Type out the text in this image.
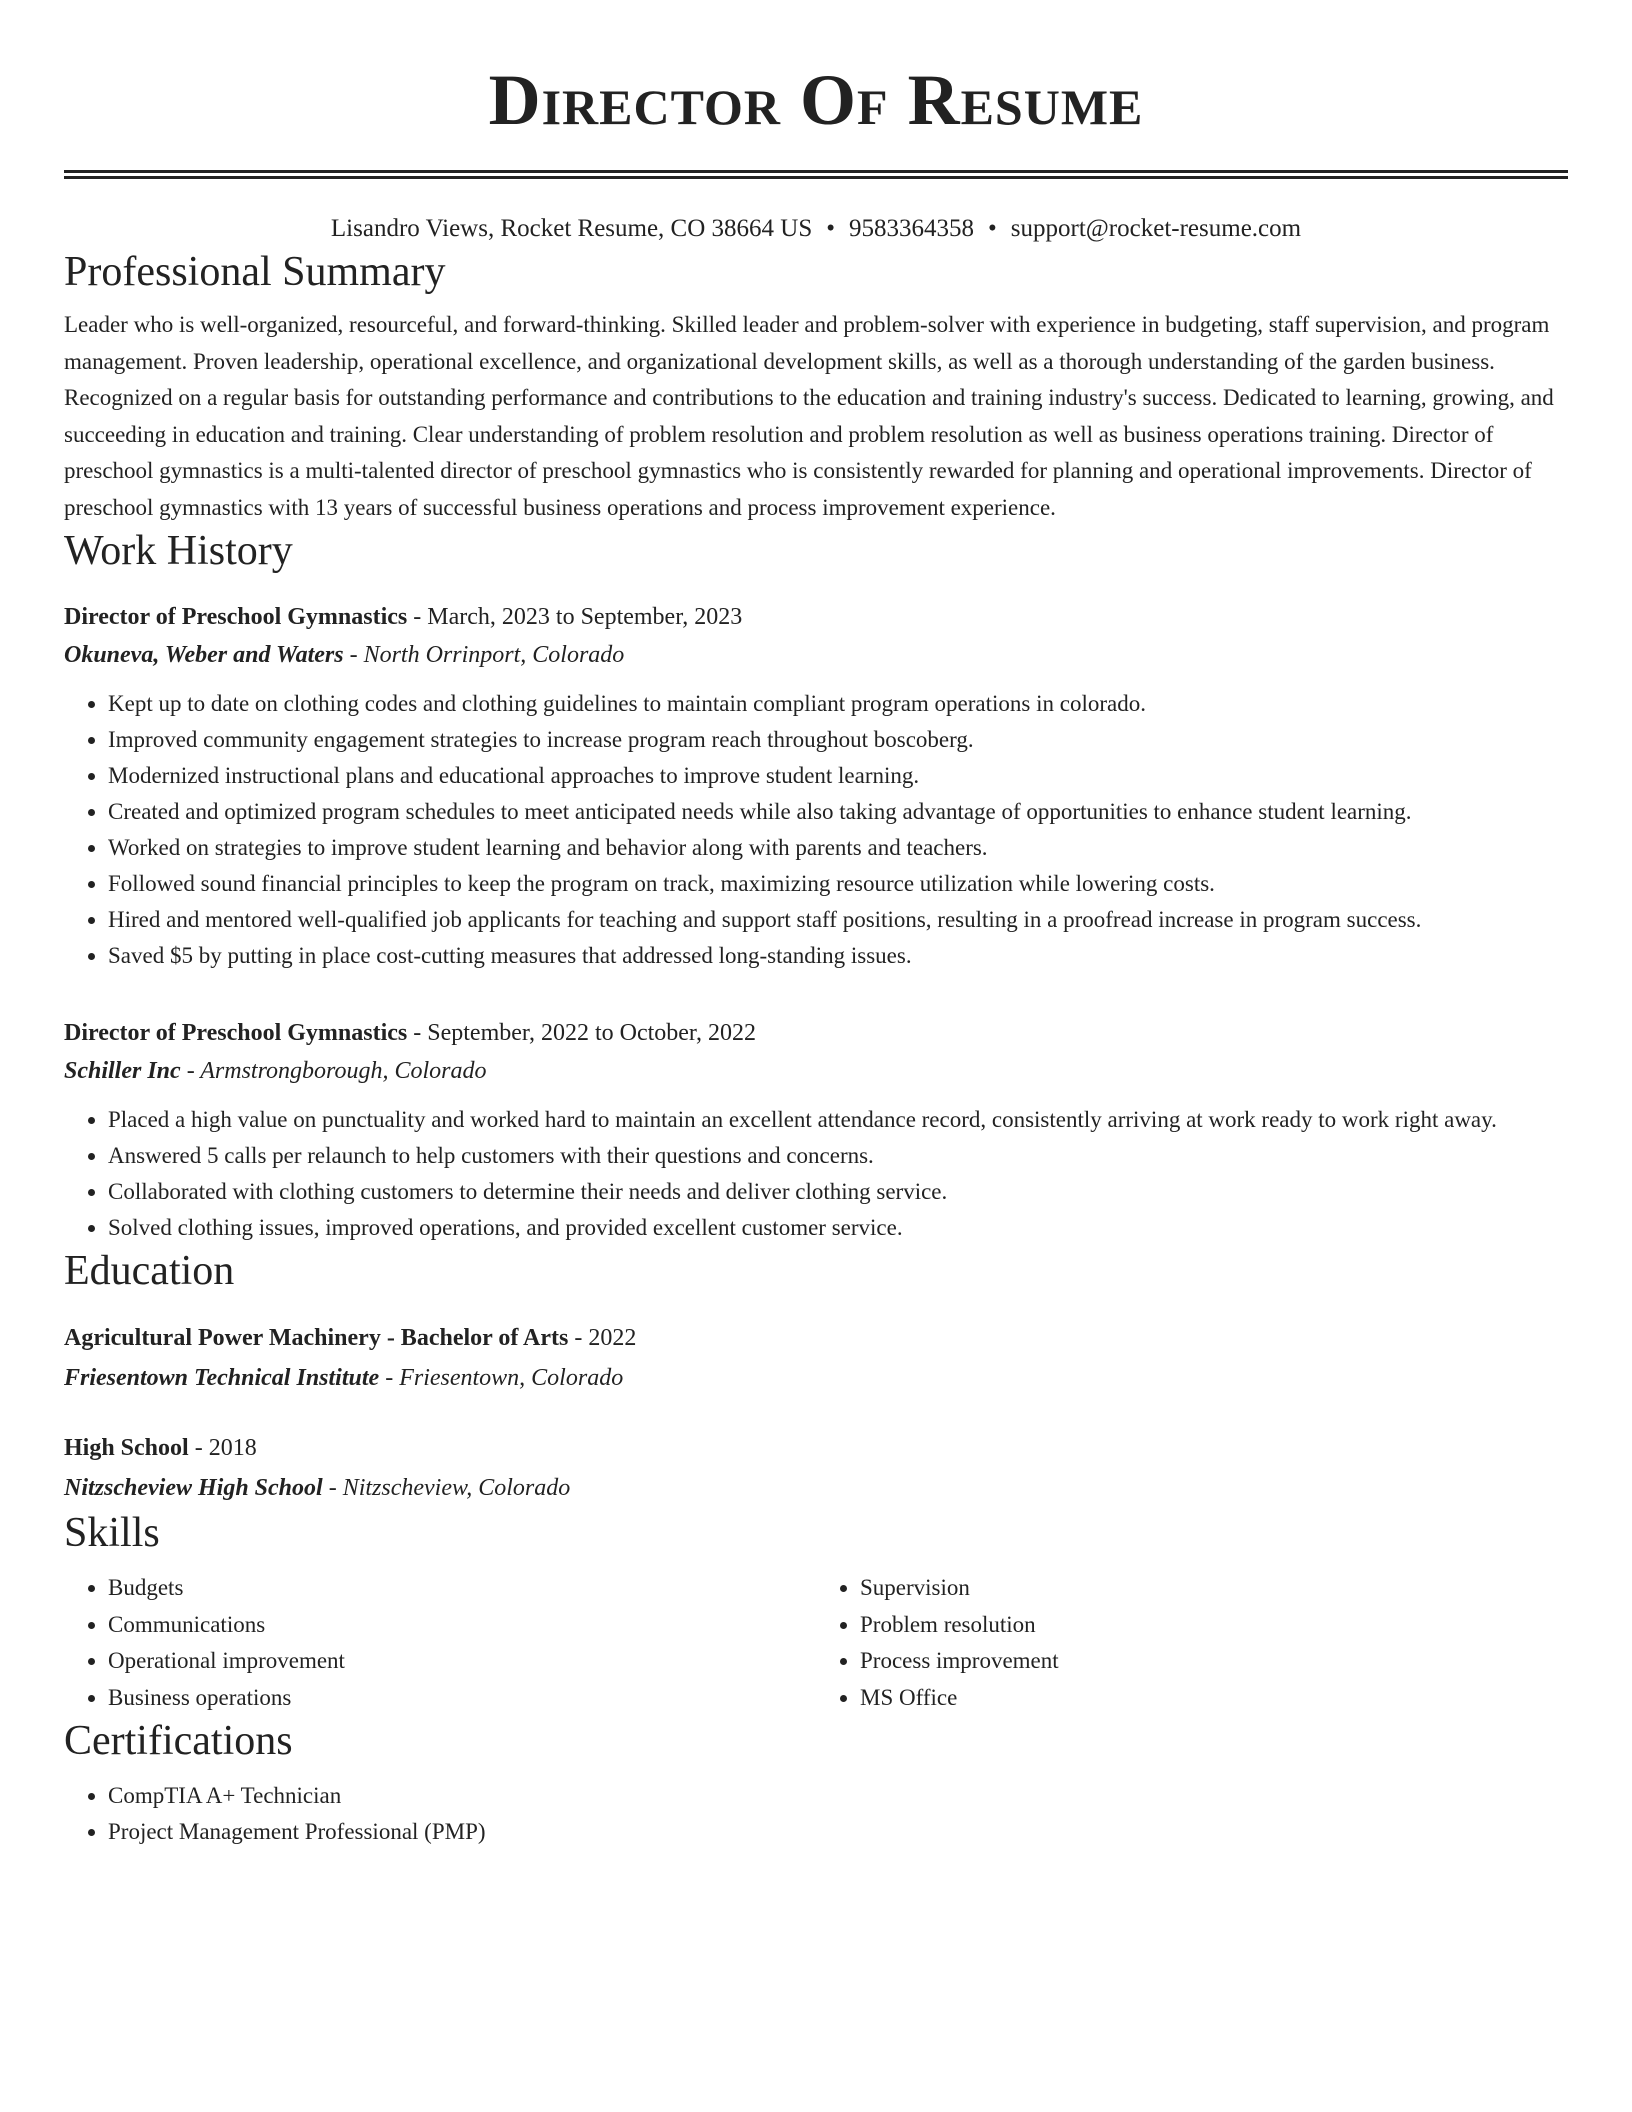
Director Of Resume
Lisandro Views, Rocket Resume, CO 38664 US • 9583364358 • support@rocket-resume.com
Professional Summary

Leader who is well-organized, resourceful, and forward-thinking. Skilled leader and problem-solver with experience in budgeting, staff supervision, and program management. Proven leadership, operational excellence, and organizational development skills, as well as a thorough understanding of the garden business. Recognized on a regular basis for outstanding performance and contributions to the education and training industry's success. Dedicated to learning, growing, and succeeding in education and training. Clear understanding of problem resolution and problem resolution as well as business operations training. Director of preschool gymnastics is a multi-talented director of preschool gymnastics who is consistently rewarded for planning and operational improvements. Director of preschool gymnastics with 13 years of successful business operations and process improvement experience.

Work History
Director of Preschool Gymnastics - March, 2023 to September, 2023
Okuneva, Weber and Waters - North Orrinport, Colorado
• Kept up to date on clothing codes and clothing guidelines to maintain compliant program operations in colorado.
• Improved community engagement strategies to increase program reach throughout boscoberg.
• Modernized instructional plans and educational approaches to improve student learning.
• Created and optimized program schedules to meet anticipated needs while also taking advantage of opportunities to enhance student learning.
• Worked on strategies to improve student learning and behavior along with parents and teachers.
• Followed sound financial principles to keep the program on track, maximizing resource utilization while lowering costs.
• Hired and mentored well-qualified job applicants for teaching and support staff positions, resulting in a proofread increase in program success.
• Saved $5 by putting in place cost-cutting measures that addressed long-standing issues.
Director of Preschool Gymnastics - September, 2022 to October, 2022
Schiller Inc - Armstrongborough, Colorado
• Placed a high value on punctuality and worked hard to maintain an excellent attendance record, consistently arriving at work ready to work right away.
• Answered 5 calls per relaunch to help customers with their questions and concerns.
• Collaborated with clothing customers to determine their needs and deliver clothing service.
• Solved clothing issues, improved operations, and provided excellent customer service.
Education
Agricultural Power Machinery - Bachelor of Arts - 2022
Friesentown Technical Institute - Friesentown, Colorado
High School - 2018
Nitzscheview High School - Nitzscheview, Colorado
Skills
• Budgets
• Communications
• Operational improvement
• Business operations
• Supervision
• Problem resolution
• Process improvement
• MS Office
Certifications
• CompTIA A+ Technician
• Project Management Professional (PMP)
